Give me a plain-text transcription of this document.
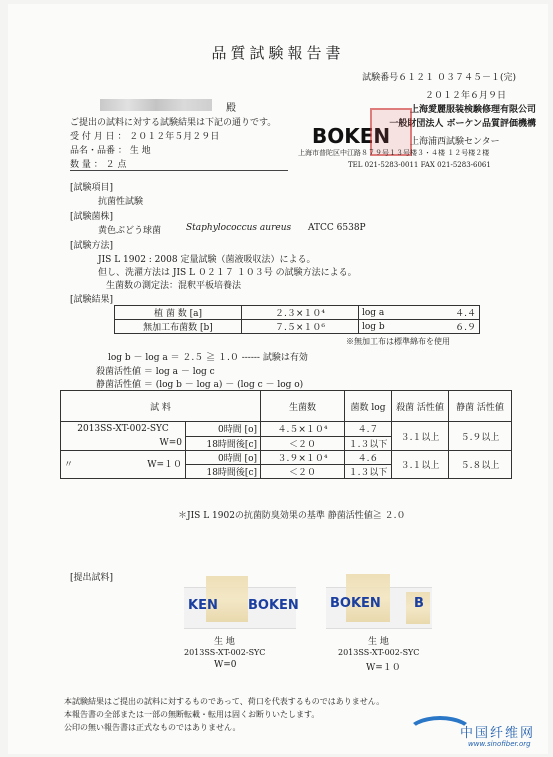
品質試験報告書
試験番号６１２１ ０３７４５－１(完)
２０１２年６月９日
上海愛麗服装検験修理有限公司
一般財団法人 ボーケン品質評価機構
BOKEN 上海浦西試験センター
上海市普陀区中江路８７９号１３号楼３・４楼 １２号楼２楼
TEL 021-5283-0011 FAX 021-5283-6061
殿
ご提出の試料に対する試験結果は下記の通りです。
受 付 月 日 ： ２０１２年５月２９日
品名・品番 ： 生 地
数 量 ： ２ 点
[試験項目]
抗菌性試験
[試験菌株]
黄色ぶどう球菌	Staphylococcus aureus ATCC 6538P
[試験方法]
JIS L 1902 : 2008 定量試験（菌液吸収法）による。
但し、洗濯方法は JIS L ０２１７ １０３号 の試験方法による。
生菌数の測定法：混釈平板培養法
[試験結果]
植 菌 数 [a]	２.３×１０⁴	log a	４.４
無加工布菌数 [b]	７.５×１０⁶	log b	６.９
※無加工布は標準綿布を使用
log b － log a ＝ ２.５ ≧ １.０ ------ 試験は有効
殺菌活性値 ＝ log a － log c
静菌活性値 ＝ (log b － log a) － (log c － log o)
試 料		生菌数	菌数 log	殺菌 活性値	静菌 活性値

2013SS-XT-002-SYC
W=0	0時間 [o]	４.５×１０⁴	４.７	３.１以上	５.９以上
	18時間後[c]	＜２０	１.３以下		

〃 W=１０	0時間 [o]	３.９×１０⁴	４.６	３.１以上	５.８以上
	18時間後[c]	＜２０	１.３以下		
＊JIS L 1902の抗菌防臭効果の基準 静菌活性値≧ ２.０
[提出試料]
KEN BOKEN BOKEN	B
生 地
2013SS-XT-002-SYC
W=0
生 地
2013SS-XT-002-SYC
W=１０
本試験結果はご提出の試料に対するものであって、荷口を代表するものではありません。
本報告書の全部または一部の無断転載・転用は固くお断りいたします。
公印の無い報告書は正式なものではありません。	中国纤维网
www.sinofiber.org
